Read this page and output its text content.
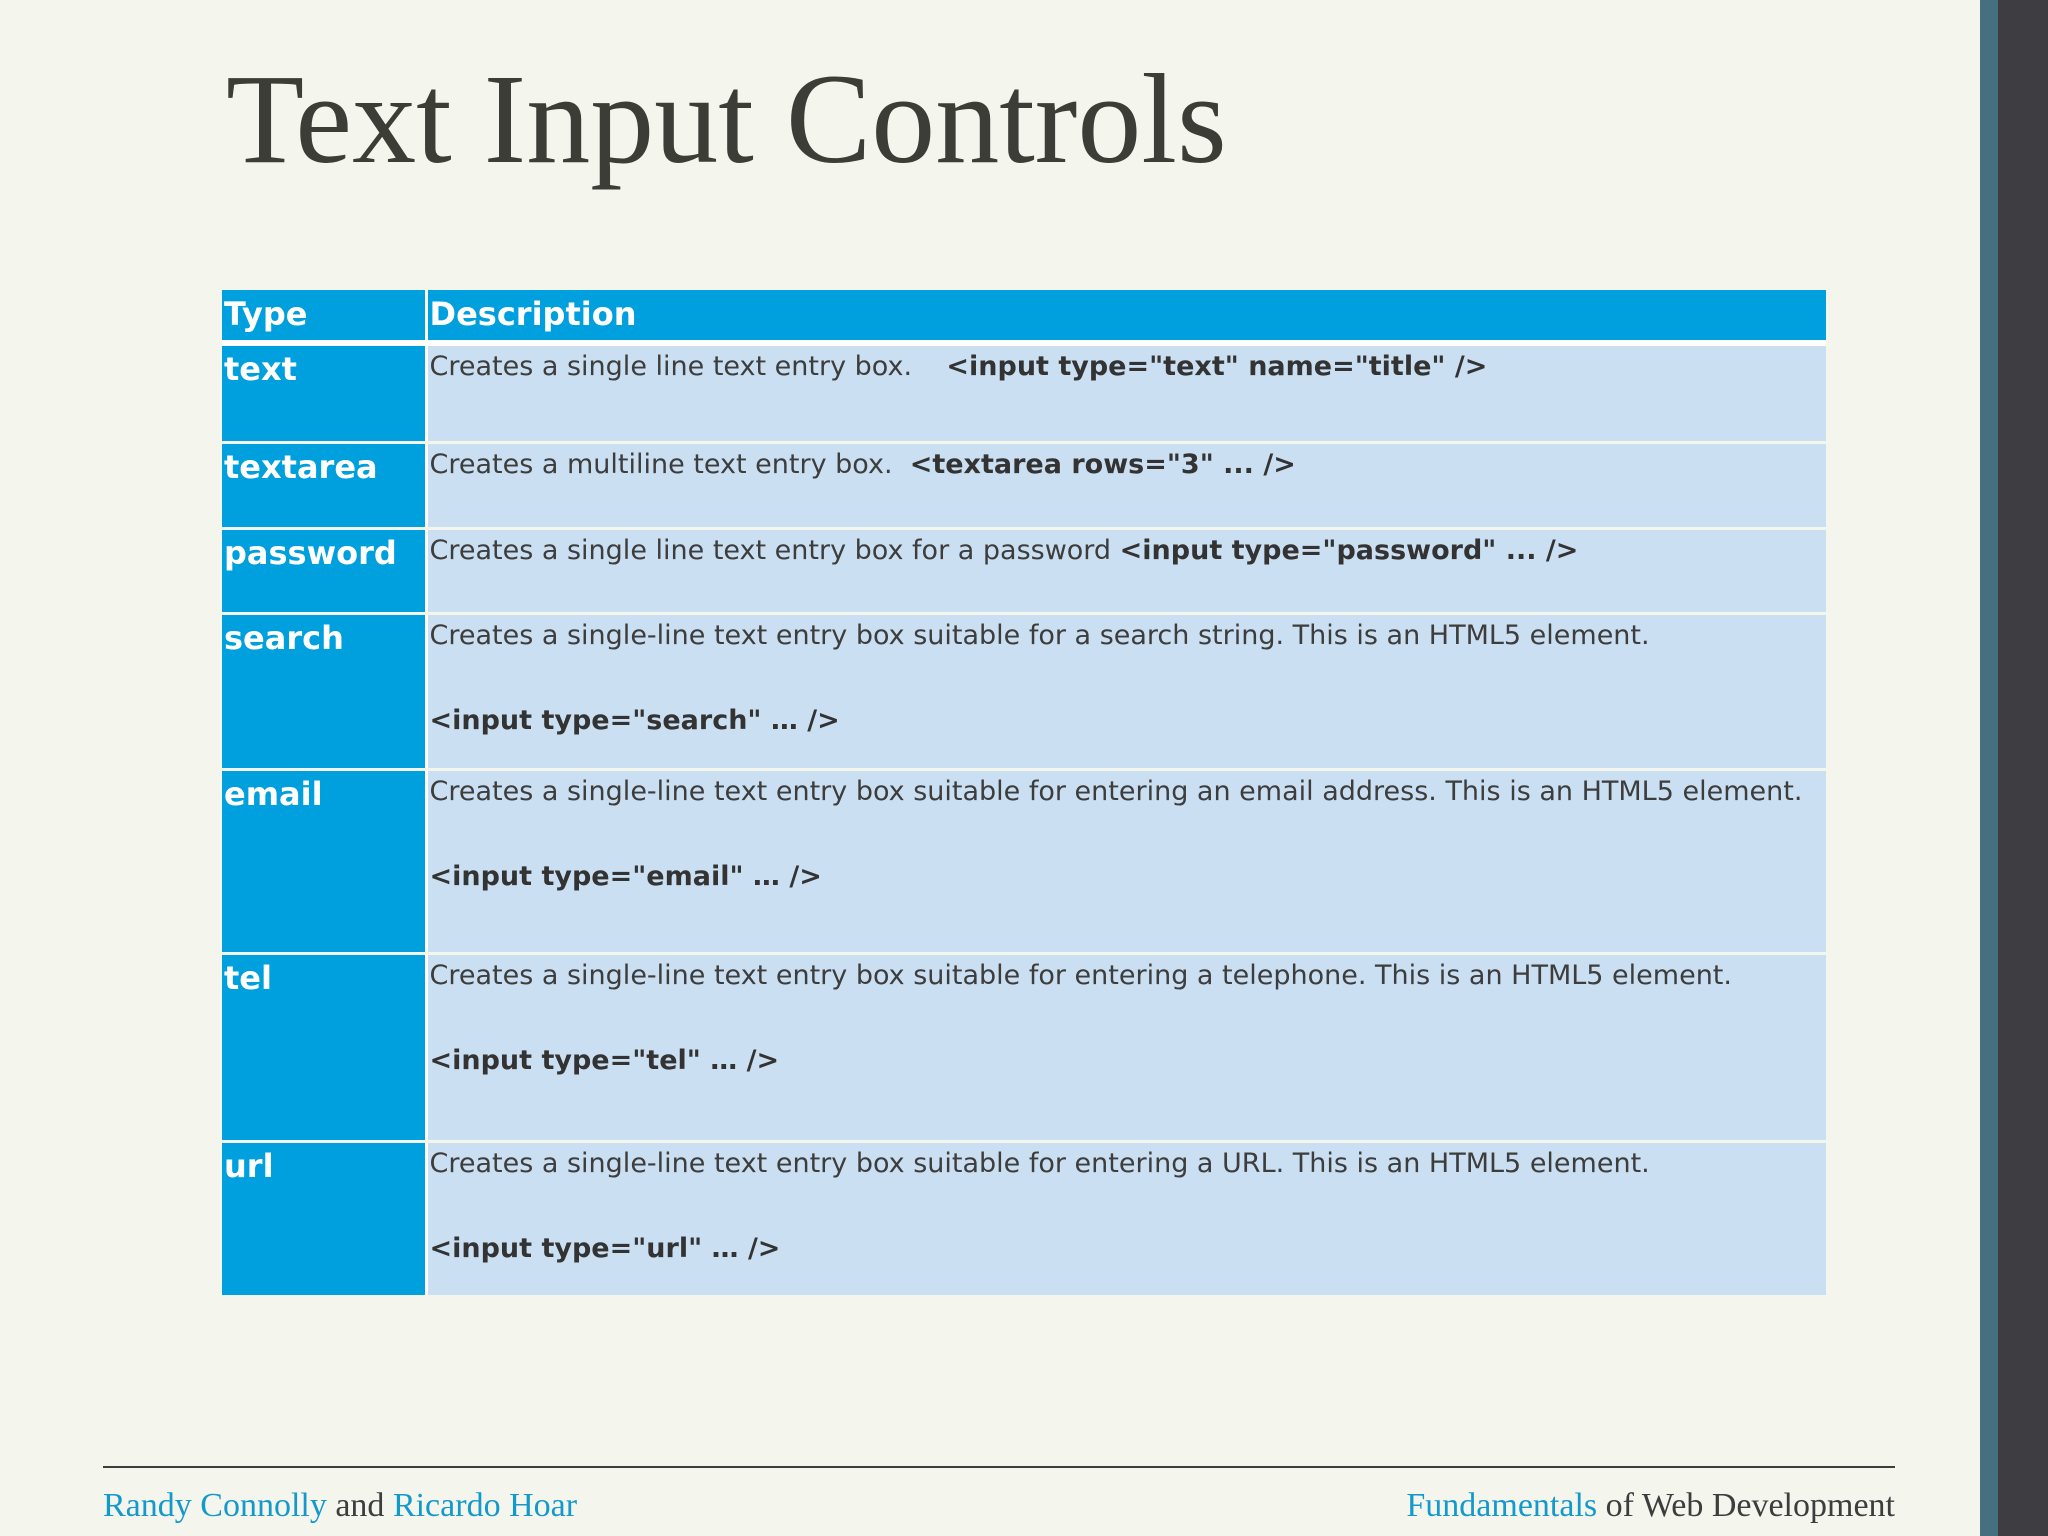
Text Input Controls
Type	Description
text	Creates a single line text entry box. <input type="text" name="title" />
textarea	Creates a multiline text entry box. <textarea rows="3" ... />
password	Creates a single line text entry box for a password <input type="password" ... />
search	Creates a single-line text entry box suitable for a search string. This is an HTML5 element.
<input type="search" … />
email	Creates a single-line text entry box suitable for entering an email address. This is an HTML5 element.
<input type="email" … />
tel	Creates a single-line text entry box suitable for entering a telephone. This is an HTML5 element.
<input type="tel" … />
url	Creates a single-line text entry box suitable for entering a URL. This is an HTML5 element.
<input type="url" … />
Randy Connolly and Ricardo Hoar	Fundamentals of Web Development
